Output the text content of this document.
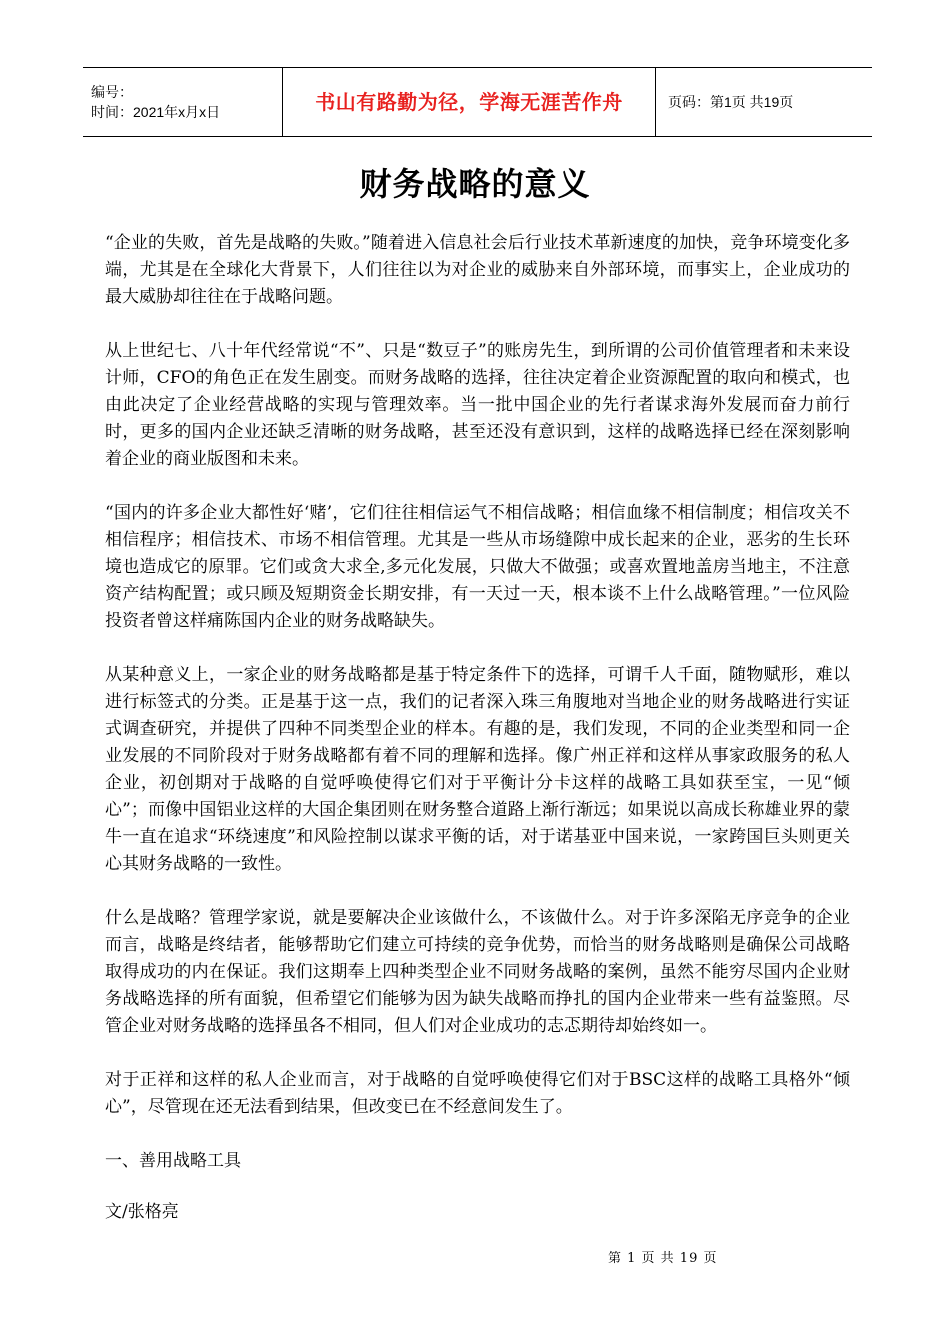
编号：
时间：2021年x月x日	书山有路勤为径，学海无涯苦作舟	页码：第1页 共19页
财务战略的意义

“企业的失败，首先是战略的失败。”随着进入信息社会后行业技术革新速度的加快，竞争环境变化多端，尤其是在全球化大背景下，人们往往以为对企业的威胁来自外部环境，而事实上，企业成功的最大威胁却往往在于战略问题。

从上世纪七、八十年代经常说“不”、只是“数豆子”的账房先生，到所谓的公司价值管理者和未来设计师，CFO的角色正在发生剧变。而财务战略的选择，往往决定着企业资源配置的取向和模式，也由此决定了企业经营战略的实现与管理效率。当一批中国企业的先行者谋求海外发展而奋力前行时，更多的国内企业还缺乏清晰的财务战略，甚至还没有意识到，这样的战略选择已经在深刻影响着企业的商业版图和未来。

“国内的许多企业大都性好‘赌’，它们往往相信运气不相信战略；相信血缘不相信制度；相信攻关不相信程序；相信技术、市场不相信管理。尤其是一些从市场缝隙中成长起来的企业，恶劣的生长环境也造成它的原罪。它们或贪大求全,多元化发展，只做大不做强；或喜欢置地盖房当地主，不注意资产结构配置；或只顾及短期资金长期安排，有一天过一天，根本谈不上什么战略管理。”一位风险投资者曾这样痛陈国内企业的财务战略缺失。

从某种意义上，一家企业的财务战略都是基于特定条件下的选择，可谓千人千面，随物赋形，难以进行标签式的分类。正是基于这一点，我们的记者深入珠三角腹地对当地企业的财务战略进行实证式调查研究，并提供了四种不同类型企业的样本。有趣的是，我们发现，不同的企业类型和同一企业发展的不同阶段对于财务战略都有着不同的理解和选择。像广州正祥和这样从事家政服务的私人企业，初创期对于战略的自觉呼唤使得它们对于平衡计分卡这样的战略工具如获至宝，一见“倾心”；而像中国铝业这样的大国企集团则在财务整合道路上渐行渐远；如果说以高成长称雄业界的蒙牛一直在追求“环绕速度”和风险控制以谋求平衡的话，对于诺基亚中国来说，一家跨国巨头则更关心其财务战略的一致性。

什么是战略？管理学家说，就是要解决企业该做什么，不该做什么。对于许多深陷无序竞争的企业而言，战略是终结者，能够帮助它们建立可持续的竞争优势，而恰当的财务战略则是确保公司战略取得成功的内在保证。我们这期奉上四种类型企业不同财务战略的案例，虽然不能穷尽国内企业财务战略选择的所有面貌，但希望它们能够为因为缺失战略而挣扎的国内企业带来一些有益鉴照。尽管企业对财务战略的选择虽各不相同，但人们对企业成功的志忑期待却始终如一。

对于正祥和这样的私人企业而言，对于战略的自觉呼唤使得它们对于BSC这样的战略工具格外“倾心”，尽管现在还无法看到结果，但改变已在不经意间发生了。

一、善用战略工具

文/张格亮

第 1 页 共 19 页
